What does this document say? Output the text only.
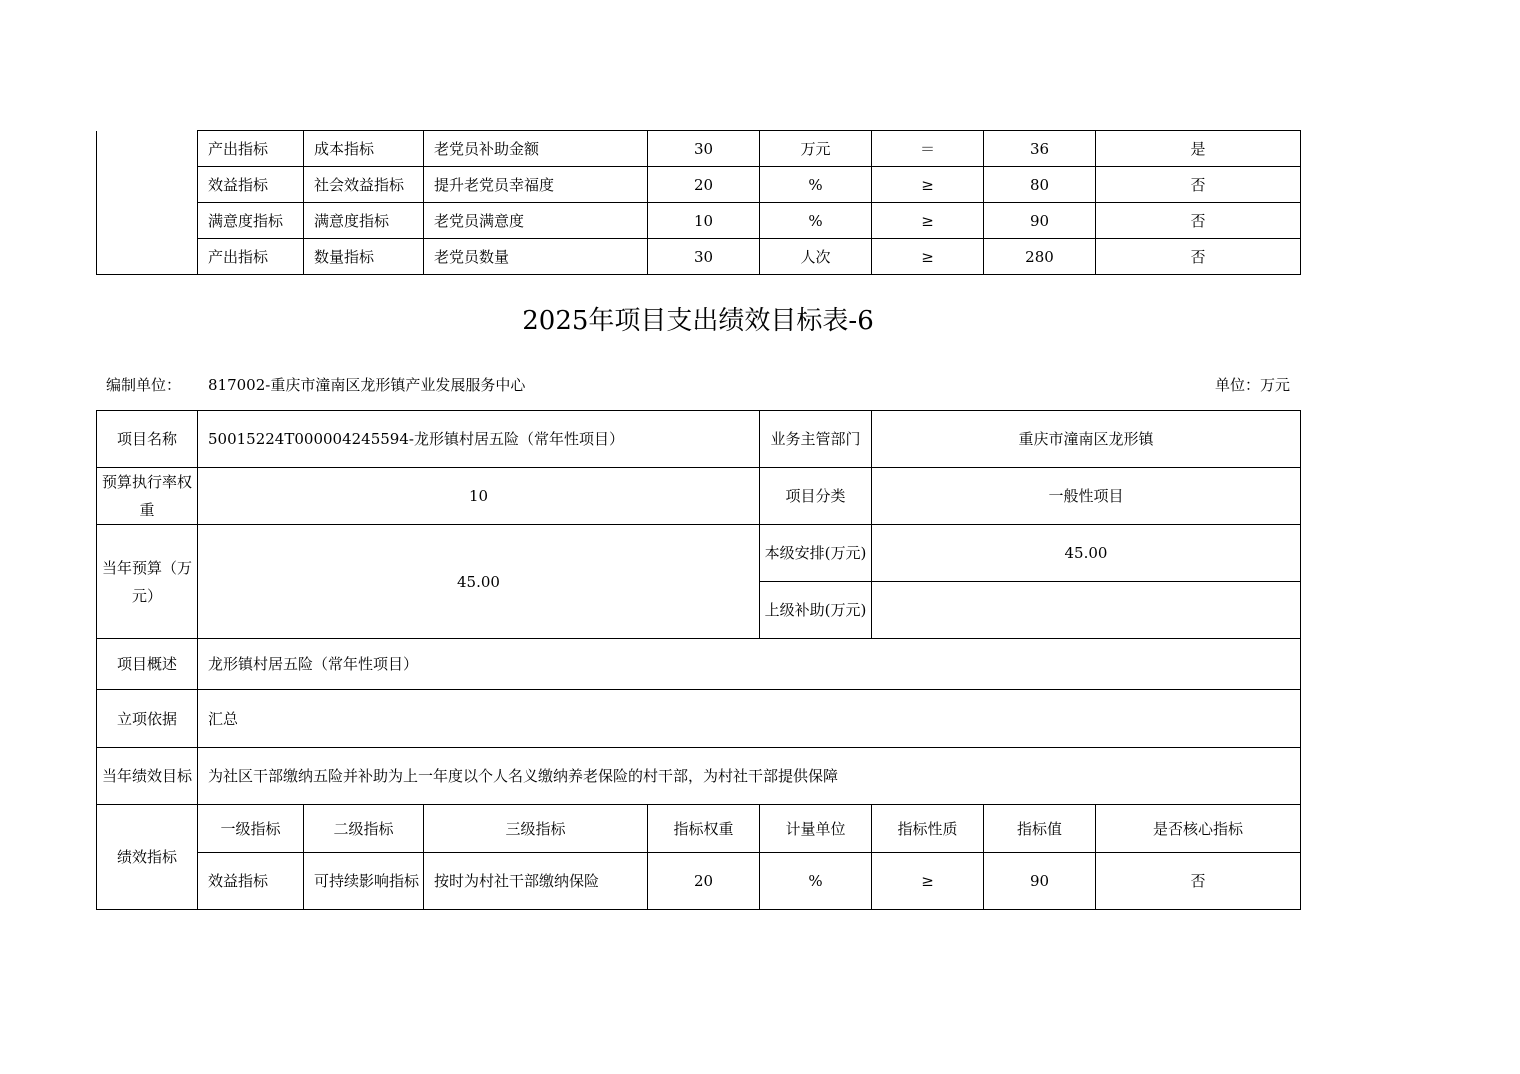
	产出指标	成本指标	老党员补助金额	30	万元	＝	36	是
	效益指标	社会效益指标	提升老党员幸福度	20	%	≥	80	否
	满意度指标	满意度指标	老党员满意度	10	%	≥	90	否
	产出指标	数量指标	老党员数量	30	人次	≥	280	否
2025年项目支出绩效目标表-6
编制单位： 817002-重庆市潼南区龙形镇产业发展服务中心	单位：万元
项目名称	50015224T000004245594-龙形镇村居五险（常年性项目）				业务主管部门	重庆市潼南区龙形镇		
预算执行率权重	10				项目分类	一般性项目		
当年预算（万元）	45.00				本级安排(万元)	45.00		
					上级补助(万元)			
项目概述	龙形镇村居五险（常年性项目）							
立项依据	汇总							
当年绩效目标	为社区干部缴纳五险并补助为上一年度以个人名义缴纳养老保险的村干部，为村社干部提供保障							
绩效指标	一级指标	二级指标	三级指标	指标权重	计量单位	指标性质	指标值	是否核心指标
	效益指标	可持续影响指标	按时为村社干部缴纳保险	20	%	≥	90	否
